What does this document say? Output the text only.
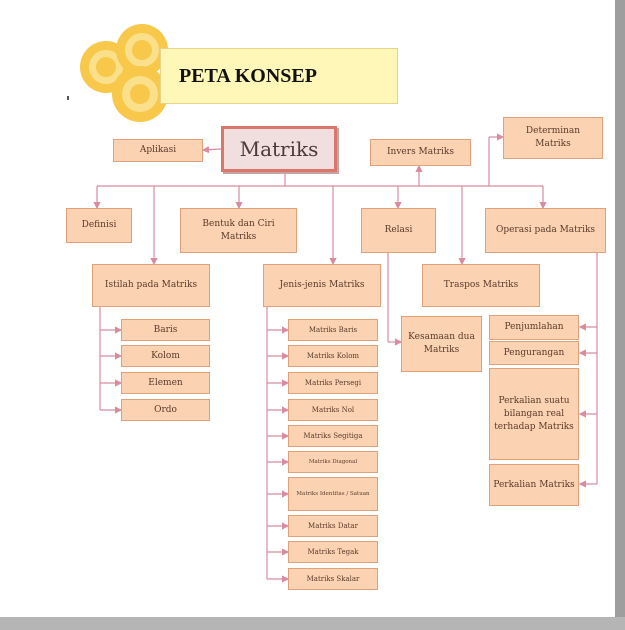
PETA KONSEP
Matriks
Aplikasi	Invers Matriks
Determinan Matriks
Definisi	Bentuk dan Ciri Matriks
Relasi	Operasi pada Matriks
Istilah pada Matriks	Jenis-jenis Matriks	Traspos Matriks
Kesamaan dua Matriks
Baris
Kolom
Elemen
Ordo
Matriks Baris
Matriks Kolom
Matriks Persegi
Matriks Nol
Matriks Segitiga
Matriks Diagonal
Matriks Identitas / Satuan
Matriks Datar
Matriks Tegak
Matriks Skalar
Penjumlahan
Pengurangan
Perkalian suatu bilangan real terhadap Matriks
Perkalian Matriks
